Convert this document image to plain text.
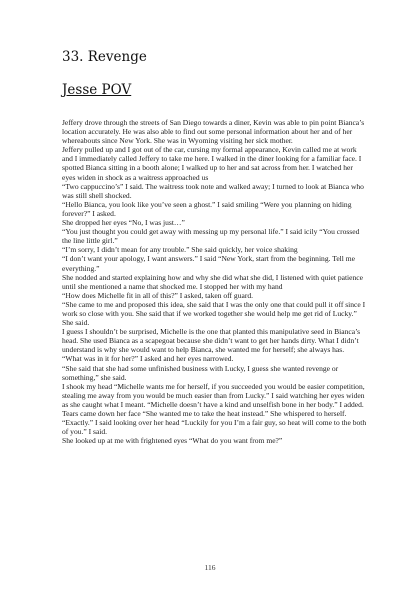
33. Revenge
Jesse POV

Jeffery drove through the streets of San Diego towards a diner, Kevin was able to pin point Bianca’s location accurately. He was also able to find out some personal information about her and of her whereabouts since New York. She was in Wyoming visiting her sick mother.

Jeffery pulled up and I got out of the car, cursing my formal appearance, Kevin called me at work and I immediately called Jeffery to take me here. I walked in the diner looking for a familiar face. I spotted Bianca sitting in a booth alone; I walked up to her and sat across from her. I watched her eyes widen in shock as a waitress approached us

“Two cappuccino’s” I said. The waitress took note and walked away; I turned to look at Bianca who was still shell shocked.

“Hello Bianca, you look like you’ve seen a ghost.” I said smiling “Were you planning on hiding forever?” I asked.

She dropped her eyes “No, I was just…”

“You just thought you could get away with messing up my personal life.” I said icily “You crossed the line little girl.”

“I’m sorry, I didn’t mean for any trouble.” She said quickly, her voice shaking

“I don’t want your apology, I want answers.” I said “New York, start from the beginning. Tell me everything.”

She nodded and started explaining how and why she did what she did, I listened with quiet patience until she mentioned a name that shocked me. I stopped her with my hand

“How does Michelle fit in all of this?” I asked, taken off guard.

“She came to me and proposed this idea, she said that I was the only one that could pull it off since I work so close with you. She said that if we worked together she would help me get rid of Lucky.” She said.

I guess I shouldn’t be surprised, Michelle is the one that planted this manipulative seed in Bianca’s head. She used Bianca as a scapegoat because she didn’t want to get her hands dirty. What I didn’t understand is why she would want to help Bianca, she wanted me for herself; she always has.

“What was in it for her?” I asked and her eyes narrowed.

“She said that she had some unfinished business with Lucky, I guess she wanted revenge or something,” she said.

I shook my head “Michelle wants me for herself, if you succeeded you would be easier competition, stealing me away from you would be much easier than from Lucky.” I said watching her eyes widen as she caught what I meant. “Michelle doesn’t have a kind and unselfish bone in her body.” I added.

Tears came down her face “She wanted me to take the heat instead.” She whispered to herself.

“Exactly.” I said looking over her head “Luckily for you I’m a fair guy, so heat will come to the both of you.” I said.

She looked up at me with frightened eyes “What do you want from me?”

116
